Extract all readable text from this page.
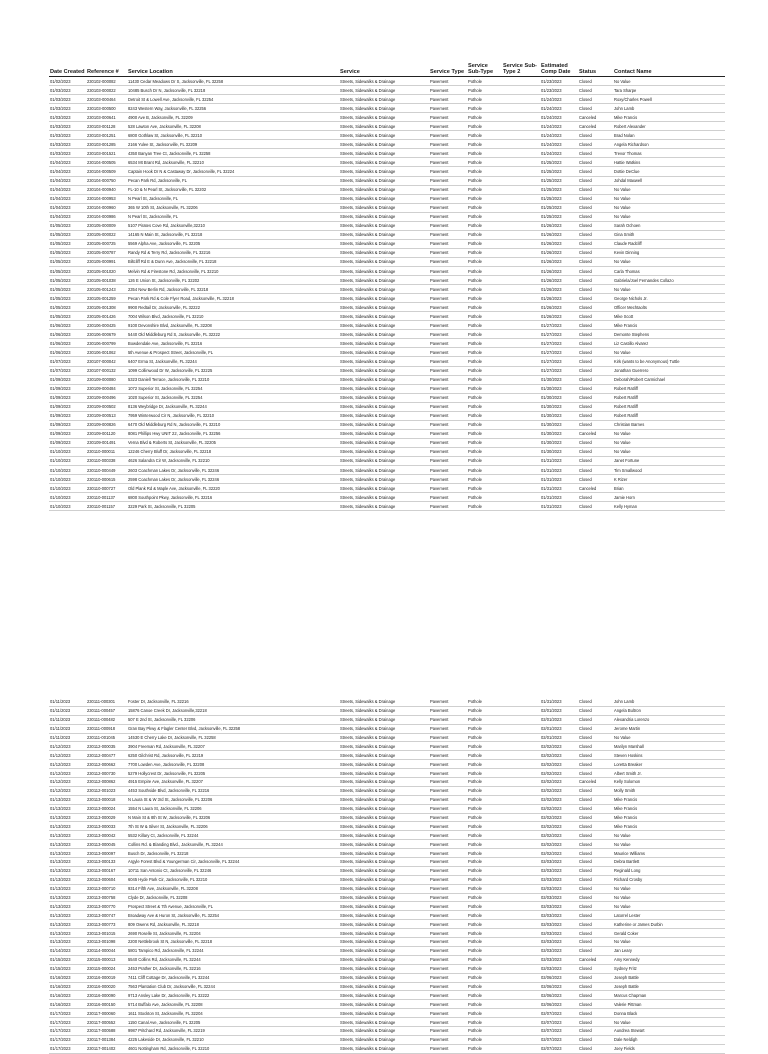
Date Created	Reference #	Service Location	Service	Service Type	Service Sub-Type	Service Sub-Type 2	Estimated Comp Date	Status	Contact Name
01/02/2023	230102-000082	11430 Cedar Meadows Dr S, Jacksonville, FL 32258	Streets, Sidewalks & Drainage	Pavement	Pothole		01/23/2023	Closed	No Value
01/03/2023	230103-000022	10485 Busch Dr N, Jacksonville, FL 32218	Streets, Sidewalks & Drainage	Pavement	Pothole		01/23/2023	Closed	Tara Sharpe
01/03/2023	230103-000464	Detroit St & Lowell Ave, Jacksonville, FL 32254	Streets, Sidewalks & Drainage	Pavement	Pothole		01/24/2023	Closed	Roxy/Charles Powell
01/03/2023	230103-000500	8243 Western Way, Jacksonville, FL 32256	Streets, Sidewalks & Drainage	Pavement	Pothole		01/24/2023	Closed	John Lamb
01/03/2023	230103-000641	4900 Ave B, Jacksonville, FL 32209	Streets, Sidewalks & Drainage	Pavement	Pothole		01/24/2023	Canceled	Mike Francis
01/03/2023	230103-001128	528 Lawton Ave, Jacksonville, FL 32208	Streets, Sidewalks & Drainage	Pavement	Pothole		01/24/2023	Canceled	Robert Alexander
01/03/2023	230103-001251	6800 Gothlaw St, Jacksonville, FL 32210	Streets, Sidewalks & Drainage	Pavement	Pothole		01/24/2023	Closed	Brad Nolan
01/03/2023	230103-001285	2166 Yulee St, Jacksonville, FL 32209	Streets, Sidewalks & Drainage	Pavement	Pothole		01/24/2023	Closed	Angela Richardson
01/03/2023	230103-001521	4350 Banyan Tree Ct, Jacksonville, FL 32258	Streets, Sidewalks & Drainage	Pavement	Pothole		01/24/2023	Closed	Trevor Thomas
01/04/2023	230104-000505	6534 Mt Brant Rd, Jacksonville, FL 32210	Streets, Sidewalks & Drainage	Pavement	Pothole		01/25/2023	Closed	Hattie Watkins
01/04/2023	230104-000509	Captain Hook Dr N & Castaway Dr, Jacksonville, FL 32224	Streets, Sidewalks & Drainage	Pavement	Pothole		01/25/2023	Closed	Dottie DeClue
01/04/2023	230104-000750	Pecan Park Rd, Jacksonville, FL	Streets, Sidewalks & Drainage	Pavement	Pothole		01/25/2023	Closed	Johdal Maxwell
01/04/2023	230104-000940	FL-10 & N Pearl St, Jacksonville, FL 32202	Streets, Sidewalks & Drainage	Pavement	Pothole		01/25/2023	Closed	No Value
01/04/2023	230104-000953	N Pearl St, Jacksonville, FL	Streets, Sidewalks & Drainage	Pavement	Pothole		01/25/2023	Closed	No Value
01/04/2023	230104-000960	365 W 10th St, Jacksonville, FL 32206	Streets, Sidewalks & Drainage	Pavement	Pothole		01/25/2023	Closed	No Value
01/04/2023	230104-000986	N Pearl St, Jacksonville, FL	Streets, Sidewalks & Drainage	Pavement	Pothole		01/25/2023	Closed	No Value
01/05/2023	230105-000009	5107 Pirates Cove Rd, Jacksonville,32210	Streets, Sidewalks & Drainage	Pavement	Pothole		01/26/2023	Closed	Sarah Ochoen
01/05/2023	230105-000022	14165 N Main St, Jacksonville, FL 32218	Streets, Sidewalks & Drainage	Pavement	Pothole		01/26/2023	Closed	Gina Smith
01/05/2023	230105-000725	5569 Alpha Ave, Jacksonville, FL 32205	Streets, Sidewalks & Drainage	Pavement	Pothole		01/26/2023	Closed	Claude Radcliff
01/05/2023	230105-000787	Randy Rd & Terry Rd, Jacksonville, FL 32216	Streets, Sidewalks & Drainage	Pavement	Pothole		01/26/2023	Closed	Kevin Dinning
01/05/2023	230105-000991	Biltcliff Rd E & Dunn Ave, Jacksonville, FL 32218	Streets, Sidewalks & Drainage	Pavement	Pothole		01/26/2023	Closed	No Value
01/05/2023	230105-001020	Melvin Rd & Firestone Rd, Jacksonville, FL 32210	Streets, Sidewalks & Drainage	Pavement	Pothole		01/26/2023	Closed	Carla Thomas
01/05/2023	230105-001038	126 E Union St, Jacksonville, FL 32202	Streets, Sidewalks & Drainage	Pavement	Pothole		01/26/2023	Closed	Gabriela/Joel Fernandes Collazo
01/05/2023	230105-001243	2354 New Berlin Rd, Jacksonville, FL 32218	Streets, Sidewalks & Drainage	Pavement	Pothole		01/26/2023	Closed	No Value
01/05/2023	230105-001259	Pecan Park Rd & Cole Flyer Road, Jacksonville, FL 32218	Streets, Sidewalks & Drainage	Pavement	Pothole		01/26/2023	Closed	George Nichols Jr.
01/05/2023	230105-001308	9900 Redtail Dr, Jacksonville, FL 32222	Streets, Sidewalks & Drainage	Pavement	Pothole		01/26/2023	Closed	Officer Mechtaolts
01/05/2023	230105-001426	7004 Wilson Blvd, Jacksonville, FL 32210	Streets, Sidewalks & Drainage	Pavement	Pothole		01/26/2023	Closed	Mike Scott
01/06/2023	230106-000425	9100 Devonshire Blvd, Jacksonville, FL 32208	Streets, Sidewalks & Drainage	Pavement	Pothole		01/27/2023	Closed	Mike Francis
01/06/2023	230106-000679	5440 Old Middleburg Rd S, Jacksonville, FL 32222	Streets, Sidewalks & Drainage	Pavement	Pothole		01/27/2023	Closed	Demonte Stephens
01/06/2023	230106-000799	Bowdendale Ave, Jacksonville, FL 32216	Streets, Sidewalks & Drainage	Pavement	Pothole		01/27/2023	Closed	Liz Castillo Alvarez
01/06/2023	230106-001062	5th Avenue & Prospect Street, Jacksonville, FL	Streets, Sidewalks & Drainage	Pavement	Pothole		01/27/2023	Closed	No Value
01/07/2023	230107-000042	6407 Erma St, Jacksonville, FL 32244	Streets, Sidewalks & Drainage	Pavement	Pothole		01/27/2023	Closed	Kirk (wants to be Anonymous) Tuttle
01/07/2023	230107-000132	1099 Collinwood Dr W, Jacksonville, FL 32225	Streets, Sidewalks & Drainage	Pavement	Pothole		01/27/2023	Closed	Jonathan Guerrero
01/09/2023	230109-000080	5323 Daniell Terrace, Jacksonville, FL 32210	Streets, Sidewalks & Drainage	Pavement	Pothole		01/30/2023	Closed	Deborah/Robert Carmichael
01/09/2023	230109-000484	1072 Superior St, Jacksonville, FL 32254	Streets, Sidewalks & Drainage	Pavement	Pothole		01/30/2023	Closed	Robert Ratliff
01/09/2023	230109-000496	1020 Superior St, Jacksonville, FL 32254	Streets, Sidewalks & Drainage	Pavement	Pothole		01/30/2023	Closed	Robert Ratliff
01/09/2023	230109-000502	8136 Weybridge Dr, Jacksonville, FL 32244	Streets, Sidewalks & Drainage	Pavement	Pothole		01/30/2023	Closed	Robert Ratliff
01/09/2023	230109-000513	7959 Winterwood Cir N, Jacksonville, FL 32210	Streets, Sidewalks & Drainage	Pavement	Pothole		01/30/2023	Closed	Robert Ratliff
01/09/2023	230109-000826	6470 Old Middleburg Rd N, Jacksonville, FL 32210	Streets, Sidewalks & Drainage	Pavement	Pothole		01/30/2023	Closed	Christian Barnes
01/09/2023	230109-001120	8081 Phillips Hwy UNIT 22, Jacksonville, FL 32256	Streets, Sidewalks & Drainage	Pavement	Pothole		01/30/2023	Canceled	No Value
01/09/2023	230109-001491	Verna Blvd & Roberts St, Jacksonville, FL 32205	Streets, Sidewalks & Drainage	Pavement	Pothole		01/30/2023	Closed	No Value
01/10/2023	230110-000011	12246 Cherry Bluff Dr, Jacksonville, FL 32218	Streets, Sidewalks & Drainage	Pavement	Pothole		01/30/2023	Closed	No Value
01/10/2023	230110-000338	4626 Salandra Cir W, Jacksonville, FL 32210	Streets, Sidewalks & Drainage	Pavement	Pothole		01/31/2023	Closed	Janet Fortune
01/10/2023	230110-000449	2603 Coachman Lakes Dr, Jacksonville, FL 32246	Streets, Sidewalks & Drainage	Pavement	Pothole		01/31/2023	Closed	Tim Smallwood
01/10/2023	230110-000615	2598 Coachman Lakes Dr, Jacksonville, FL 32246	Streets, Sidewalks & Drainage	Pavement	Pothole		01/31/2023	Closed	K Rizer
01/10/2023	230110-000727	Old Plank Rd & Maple Ave, Jacksonville, FL 32220	Streets, Sidewalks & Drainage	Pavement	Pothole		01/31/2023	Canceled	Brian
01/10/2023	230110-001137	6800 Southpoint Pkwy, Jacksonville, FL 32216	Streets, Sidewalks & Drainage	Pavement	Pothole		01/31/2023	Closed	Jamie Horn
01/10/2023	230110-001157	3229 Park St, Jacksonville, FL 32205	Streets, Sidewalks & Drainage	Pavement	Pothole		01/31/2023	Closed	Kelly Hyman
01/11/2023	230111-000301	Foster Dr, Jacksonville, FL 32216	Streets, Sidewalks & Drainage	Pavement	Pothole		01/31/2023	Closed	John Lamb
01/11/2023	230111-000457	15876 Canoe Creek Dr, Jacksonville,32218	Streets, Sidewalks & Drainage	Pavement	Pothole		02/01/2023	Closed	Angela Bultron
01/11/2023	230111-000482	507 E 2nd St, Jacksonville, FL 32206	Streets, Sidewalks & Drainage	Pavement	Pothole		02/01/2023	Closed	Alexandria Lorenzo
01/11/2023	230111-000918	Gran Bay Pkwy & Flagler Center Blvd, Jacksonville, FL 32258	Streets, Sidewalks & Drainage	Pavement	Pothole		02/01/2023	Closed	Jerome Martin
01/11/2023	230111-001045	14530 E Cherry Lake Dr, Jacksonville, FL 32258	Streets, Sidewalks & Drainage	Pavement	Pothole		02/01/2023	Closed	No Value
01/12/2023	230112-000035	3904 Freeman Rd, Jacksonville, FL 32207	Streets, Sidewalks & Drainage	Pavement	Pothole		02/02/2023	Closed	Marilyn Marshall
01/12/2023	230112-000477	6250 Gilchrist Rd, Jacksonville, FL 32219	Streets, Sidewalks & Drainage	Pavement	Pothole		02/02/2023	Closed	Steven Hoskins
01/12/2023	230112-000662	7700 Lowden Ave, Jacksonville, FL 32208	Streets, Sidewalks & Drainage	Pavement	Pothole		02/02/2023	Closed	Loretta Breaker
01/12/2023	230112-000730	5279 Hollycrest Dr, Jacksonville, FL 32205	Streets, Sidewalks & Drainage	Pavement	Pothole		02/02/2023	Closed	Albert Smith Jr.
01/12/2023	230112-000862	4915 Empire Ave, Jacksonville, FL 32207	Streets, Sidewalks & Drainage	Pavement	Pothole		02/02/2023	Canceled	Kelly Solomon
01/12/2023	230112-001023	4453 Southside Blvd, Jacksonville, FL 32216	Streets, Sidewalks & Drainage	Pavement	Pothole		02/02/2023	Closed	Molly Smith
01/13/2023	230113-000018	N Laura St & W 3rd St, Jacksonville, FL 32206	Streets, Sidewalks & Drainage	Pavement	Pothole		02/02/2023	Closed	Mike Francis
01/13/2023	230113-000024	1554 N Laura St, Jacksonville, FL 32206	Streets, Sidewalks & Drainage	Pavement	Pothole		02/02/2023	Closed	Mike Francis
01/13/2023	230113-000029	N Main St & 8th St W, Jacksonville, FL 32206	Streets, Sidewalks & Drainage	Pavement	Pothole		02/02/2023	Closed	Mike Francis
01/13/2023	230113-000033	7th St W & Silver St, Jacksonville, FL 32206	Streets, Sidewalks & Drainage	Pavement	Pothole		02/02/2023	Closed	Mike Francis
01/13/2023	230113-000042	5532 Killary Ct, Jacksonville, FL 32244	Streets, Sidewalks & Drainage	Pavement	Pothole		02/02/2023	Closed	No Value
01/13/2023	230113-000045	Collins Rd. & Blanding Blvd., Jacksonville, FL 32244	Streets, Sidewalks & Drainage	Pavement	Pothole		02/02/2023	Closed	No Value
01/13/2023	230113-000097	Busch Dr, Jacksonville, FL 32218	Streets, Sidewalks & Drainage	Pavement	Pothole		02/02/2023	Closed	Maurice Williams
01/13/2023	230113-000133	Argyle Forest Blvd & Youngerman Cir, Jacksonville, FL 32244	Streets, Sidewalks & Drainage	Pavement	Pothole		02/03/2023	Closed	Debra Bartlett
01/13/2023	230113-000167	10711 San Antonio Ct, Jacksonville, FL 32246	Streets, Sidewalks & Drainage	Pavement	Pothole		02/03/2023	Closed	Reginald Long
01/13/2023	230113-000604	6045 Hyde Park Cir, Jacksonville, FL 32210	Streets, Sidewalks & Drainage	Pavement	Pothole		02/03/2023	Closed	Richard Crosby
01/13/2023	230113-000710	9314 Fifth Ave, Jacksonville, FL 32208	Streets, Sidewalks & Drainage	Pavement	Pothole		02/03/2023	Closed	No Value
01/13/2023	230113-000758	Clyde Dr, Jacksonville, FL 32208	Streets, Sidewalks & Drainage	Pavement	Pothole		02/03/2023	Closed	No Value
01/13/2023	230113-000770	Prospect Street & 7th Avenue, Jacksonville, FL	Streets, Sidewalks & Drainage	Pavement	Pothole		02/03/2023	Closed	No Value
01/13/2023	230113-000747	Broadway Ave & Huron St, Jacksonville, FL 32254	Streets, Sidewalks & Drainage	Pavement	Pothole		02/03/2023	Closed	Latorrel Lester
01/13/2023	230113-000773	809 Owens Rd, Jacksonville, FL 32218	Streets, Sidewalks & Drainage	Pavement	Pothole		02/03/2023	Closed	Katherine or James Durbin
01/13/2023	230113-001015	2690 Roselle St, Jacksonville, FL 32204	Streets, Sidewalks & Drainage	Pavement	Pothole		02/03/2023	Closed	Gerald Coker
01/13/2023	230113-001098	2200 Nettlebrook St N, Jacksonville, FL 32218	Streets, Sidewalks & Drainage	Pavement	Pothole		02/03/2023	Closed	No Value
01/14/2023	230114-000044	5801 Tampico Rd, Jacksonville, FL 32244	Streets, Sidewalks & Drainage	Pavement	Pothole		02/03/2023	Closed	Jan Leary
01/15/2023	230115-000013	5540 Collins Rd, Jacksonville, FL 32244	Streets, Sidewalks & Drainage	Pavement	Pothole		02/03/2023	Canceled	Amy Kennedy
01/15/2023	230115-000024	2453 Prather Dr, Jacksonville, FL 32216	Streets, Sidewalks & Drainage	Pavement	Pothole		02/03/2023	Closed	Sydney Fritz
01/16/2023	230116-000019	7411 Cliff Cottage Dr, Jacksonville, FL 32244	Streets, Sidewalks & Drainage	Pavement	Pothole		02/06/2023	Closed	Joseph Battle
01/16/2023	230116-000020	7563 Plantation Club Dr, Jacksonville, FL 32244	Streets, Sidewalks & Drainage	Pavement	Pothole		02/06/2023	Closed	Joseph Battle
01/16/2023	230116-000090	9713 Ansley Lake Dr, Jacksonville, FL 32222	Streets, Sidewalks & Drainage	Pavement	Pothole		02/06/2023	Closed	Marcus Chapman
01/16/2023	230116-000150	5714 Buffalo Ave, Jacksonville, FL 32208	Streets, Sidewalks & Drainage	Pavement	Pothole		02/06/2023	Closed	Valerie Pittman
01/17/2023	230117-000060	1611 Stockton St, Jacksonville, FL 32204	Streets, Sidewalks & Drainage	Pavement	Pothole		02/07/2023	Closed	Donna Black
01/17/2023	230117-000552	1150 Canal Ave, Jacksonville, FL 32205	Streets, Sidewalks & Drainage	Pavement	Pothole		02/07/2023	Closed	No Value
01/17/2023	230117-000588	9987 Pritchard Rd, Jacksonville, FL 32219	Streets, Sidewalks & Drainage	Pavement	Pothole		02/07/2023	Closed	Aundrea Stewart
01/17/2023	230117-001384	4225 Lakeside Dr, Jacksonville, FL 32210	Streets, Sidewalks & Drainage	Pavement	Pothole		02/07/2023	Closed	Dale Neldigh
01/17/2023	230117-001402	4601 Nottingham Rd, Jacksonville, FL 32210	Streets, Sidewalks & Drainage	Pavement	Pothole		02/07/2023	Closed	Joey Fields
